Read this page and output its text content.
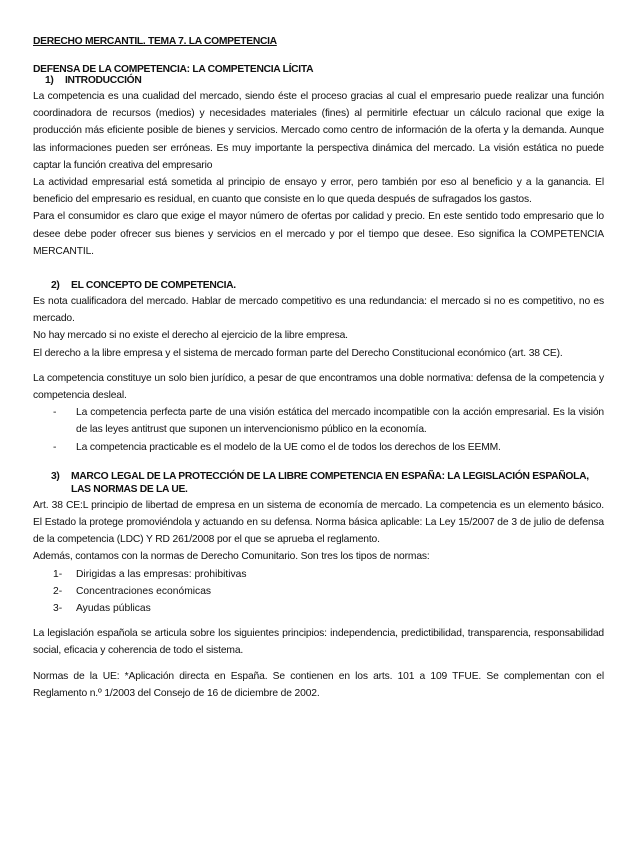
DERECHO MERCANTIL. TEMA 7. LA COMPETENCIA
DEFENSA DE LA COMPETENCIA: LA COMPETENCIA LÍCITA
1) INTRODUCCIÓN

La competencia es una cualidad del mercado, siendo éste el proceso gracias al cual el empresario puede realizar una función coordinadora de recursos (medios) y necesidades materiales (fines) al permitirle efectuar un cálculo racional que exige la producción más eficiente posible de bienes y servicios. Mercado como centro de información de la oferta y la demanda. Aunque las informaciones pueden ser erróneas. Es muy importante la perspectiva dinámica del mercado. La visión estática no puede captar la función creativa del empresario

La actividad empresarial está sometida al principio de ensayo y error, pero también por eso al beneficio y a la ganancia. El beneficio del empresario es residual, en cuanto que consiste en lo que queda después de sufragados los gastos.

Para el consumidor es claro que exige el mayor número de ofertas por calidad y precio. En este sentido todo empresario que lo desee debe poder ofrecer sus bienes y servicios en el mercado y por el tiempo que desee. Eso significa la COMPETENCIA MERCANTIL.

2) EL CONCEPTO DE COMPETENCIA.

Es nota cualificadora del mercado. Hablar de mercado competitivo es una redundancia: el mercado si no es competitivo, no es mercado.

No hay mercado si no existe el derecho al ejercicio de la libre empresa.

El derecho a la libre empresa y el sistema de mercado forman parte del Derecho Constitucional económico (art. 38 CE).

La competencia constituye un solo bien jurídico, a pesar de que encontramos una doble normativa: defensa de la competencia y competencia desleal.

- La competencia perfecta parte de una visión estática del mercado incompatible con la acción empresarial. Es la visión de las leyes antitrust que suponen un intervencionismo público en la economía.
- La competencia practicable es el modelo de la UE como el de todos los derechos de los EEMM.
3) MARCO LEGAL DE LA PROTECCIÓN DE LA LIBRE COMPETENCIA EN ESPAÑA: LA LEGISLACIÓN ESPAÑOLA,
LAS NORMAS DE LA UE.

Art. 38 CE:L principio de libertad de empresa en un sistema de economía de mercado. La competencia es un elemento básico. El Estado la protege promoviéndola y actuando en su defensa. Norma básica aplicable: La Ley 15/2007 de 3 de julio de defensa de la competencia (LDC) Y RD 261/2008 por el que se aprueba el reglamento.

Además, contamos con la normas de Derecho Comunitario. Son tres los tipos de normas:

1- Dirigidas a las empresas: prohibitivas
2- Concentraciones económicas
3- Ayudas públicas

La legislación española se articula sobre los siguientes principios: independencia, predictibilidad, transparencia, responsabilidad social, eficacia y coherencia de todo el sistema.

Normas de la UE: *Aplicación directa en España. Se contienen en los arts. 101 a 109 TFUE. Se complementan con el Reglamento n.º 1/2003 del Consejo de 16 de diciembre de 2002.
